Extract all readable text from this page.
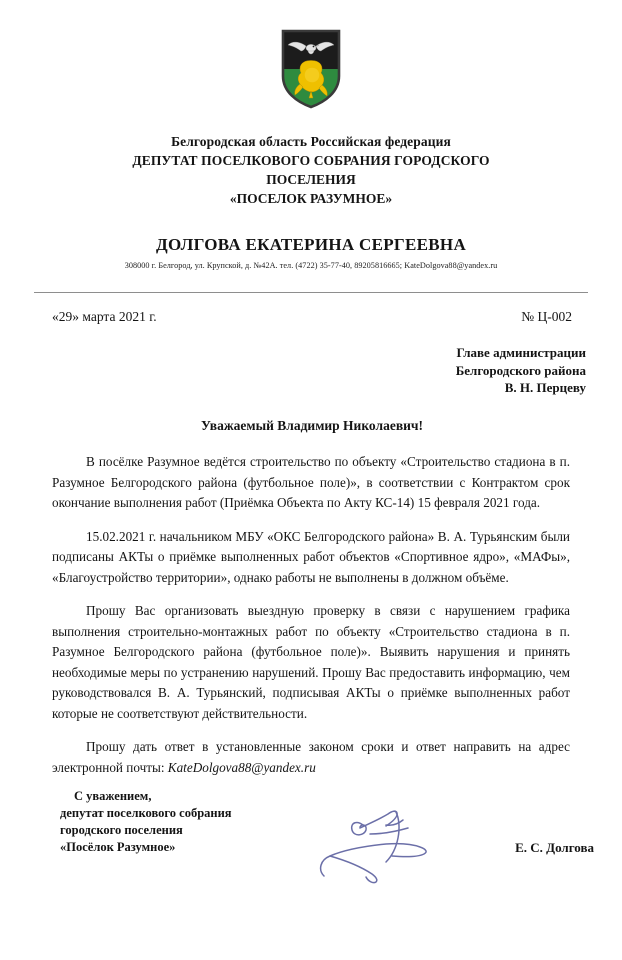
Белгородская область Российская федерация
ДЕПУТАТ ПОСЕЛКОВОГО СОБРАНИЯ ГОРОДСКОГО
ПОСЕЛЕНИЯ
«ПОСЕЛОК РАЗУМНОЕ»
ДОЛГОВА ЕКАТЕРИНА СЕРГЕЕВНА
308000 г. Белгород, ул. Крупской, д. №42А. тел. (4722) 35-77-40, 89205816665; KateDolgova88@yandex.ru
«29» марта 2021 г.	№ Ц-002
Главе администрации
Белгородского района
В. Н. Перцеву
Уважаемый Владимир Николаевич!

В посёлке Разумное ведётся строительство по объекту «Строительство стадиона в п. Разумное Белгородского района (футбольное поле)», в соответствии с Контрактом срок окончание выполнения работ (Приёмка Объекта по Акту КС-14) 15 февраля 2021 года.

15.02.2021 г. начальником МБУ «ОКС Белгородского района» В. А. Турьянским были подписаны АКТы о приёмке выполненных работ объектов «Спортивное ядро», «МАФы», «Благоустройство территории», однако работы не выполнены в должном объёме.

Прошу Вас организовать выездную проверку в связи с нарушением графика выполнения строительно-монтажных работ по объекту «Строительство стадиона в п. Разумное Белгородского района (футбольное поле)». Выявить нарушения и принять необходимые меры по устранению нарушений. Прошу Вас предоставить информацию, чем руководствовался В. А. Турьянский, подписывая АКТы о приёмке выполненных работ которые не соответствуют действительности.

Прошу дать ответ в установленные законом сроки и ответ направить на адрес электронной почты: KateDolgova88@yandex.ru

С уважением,
депутат поселкового собрания
городского поселения
«Посёлок Разумное»	Е. С. Долгова
